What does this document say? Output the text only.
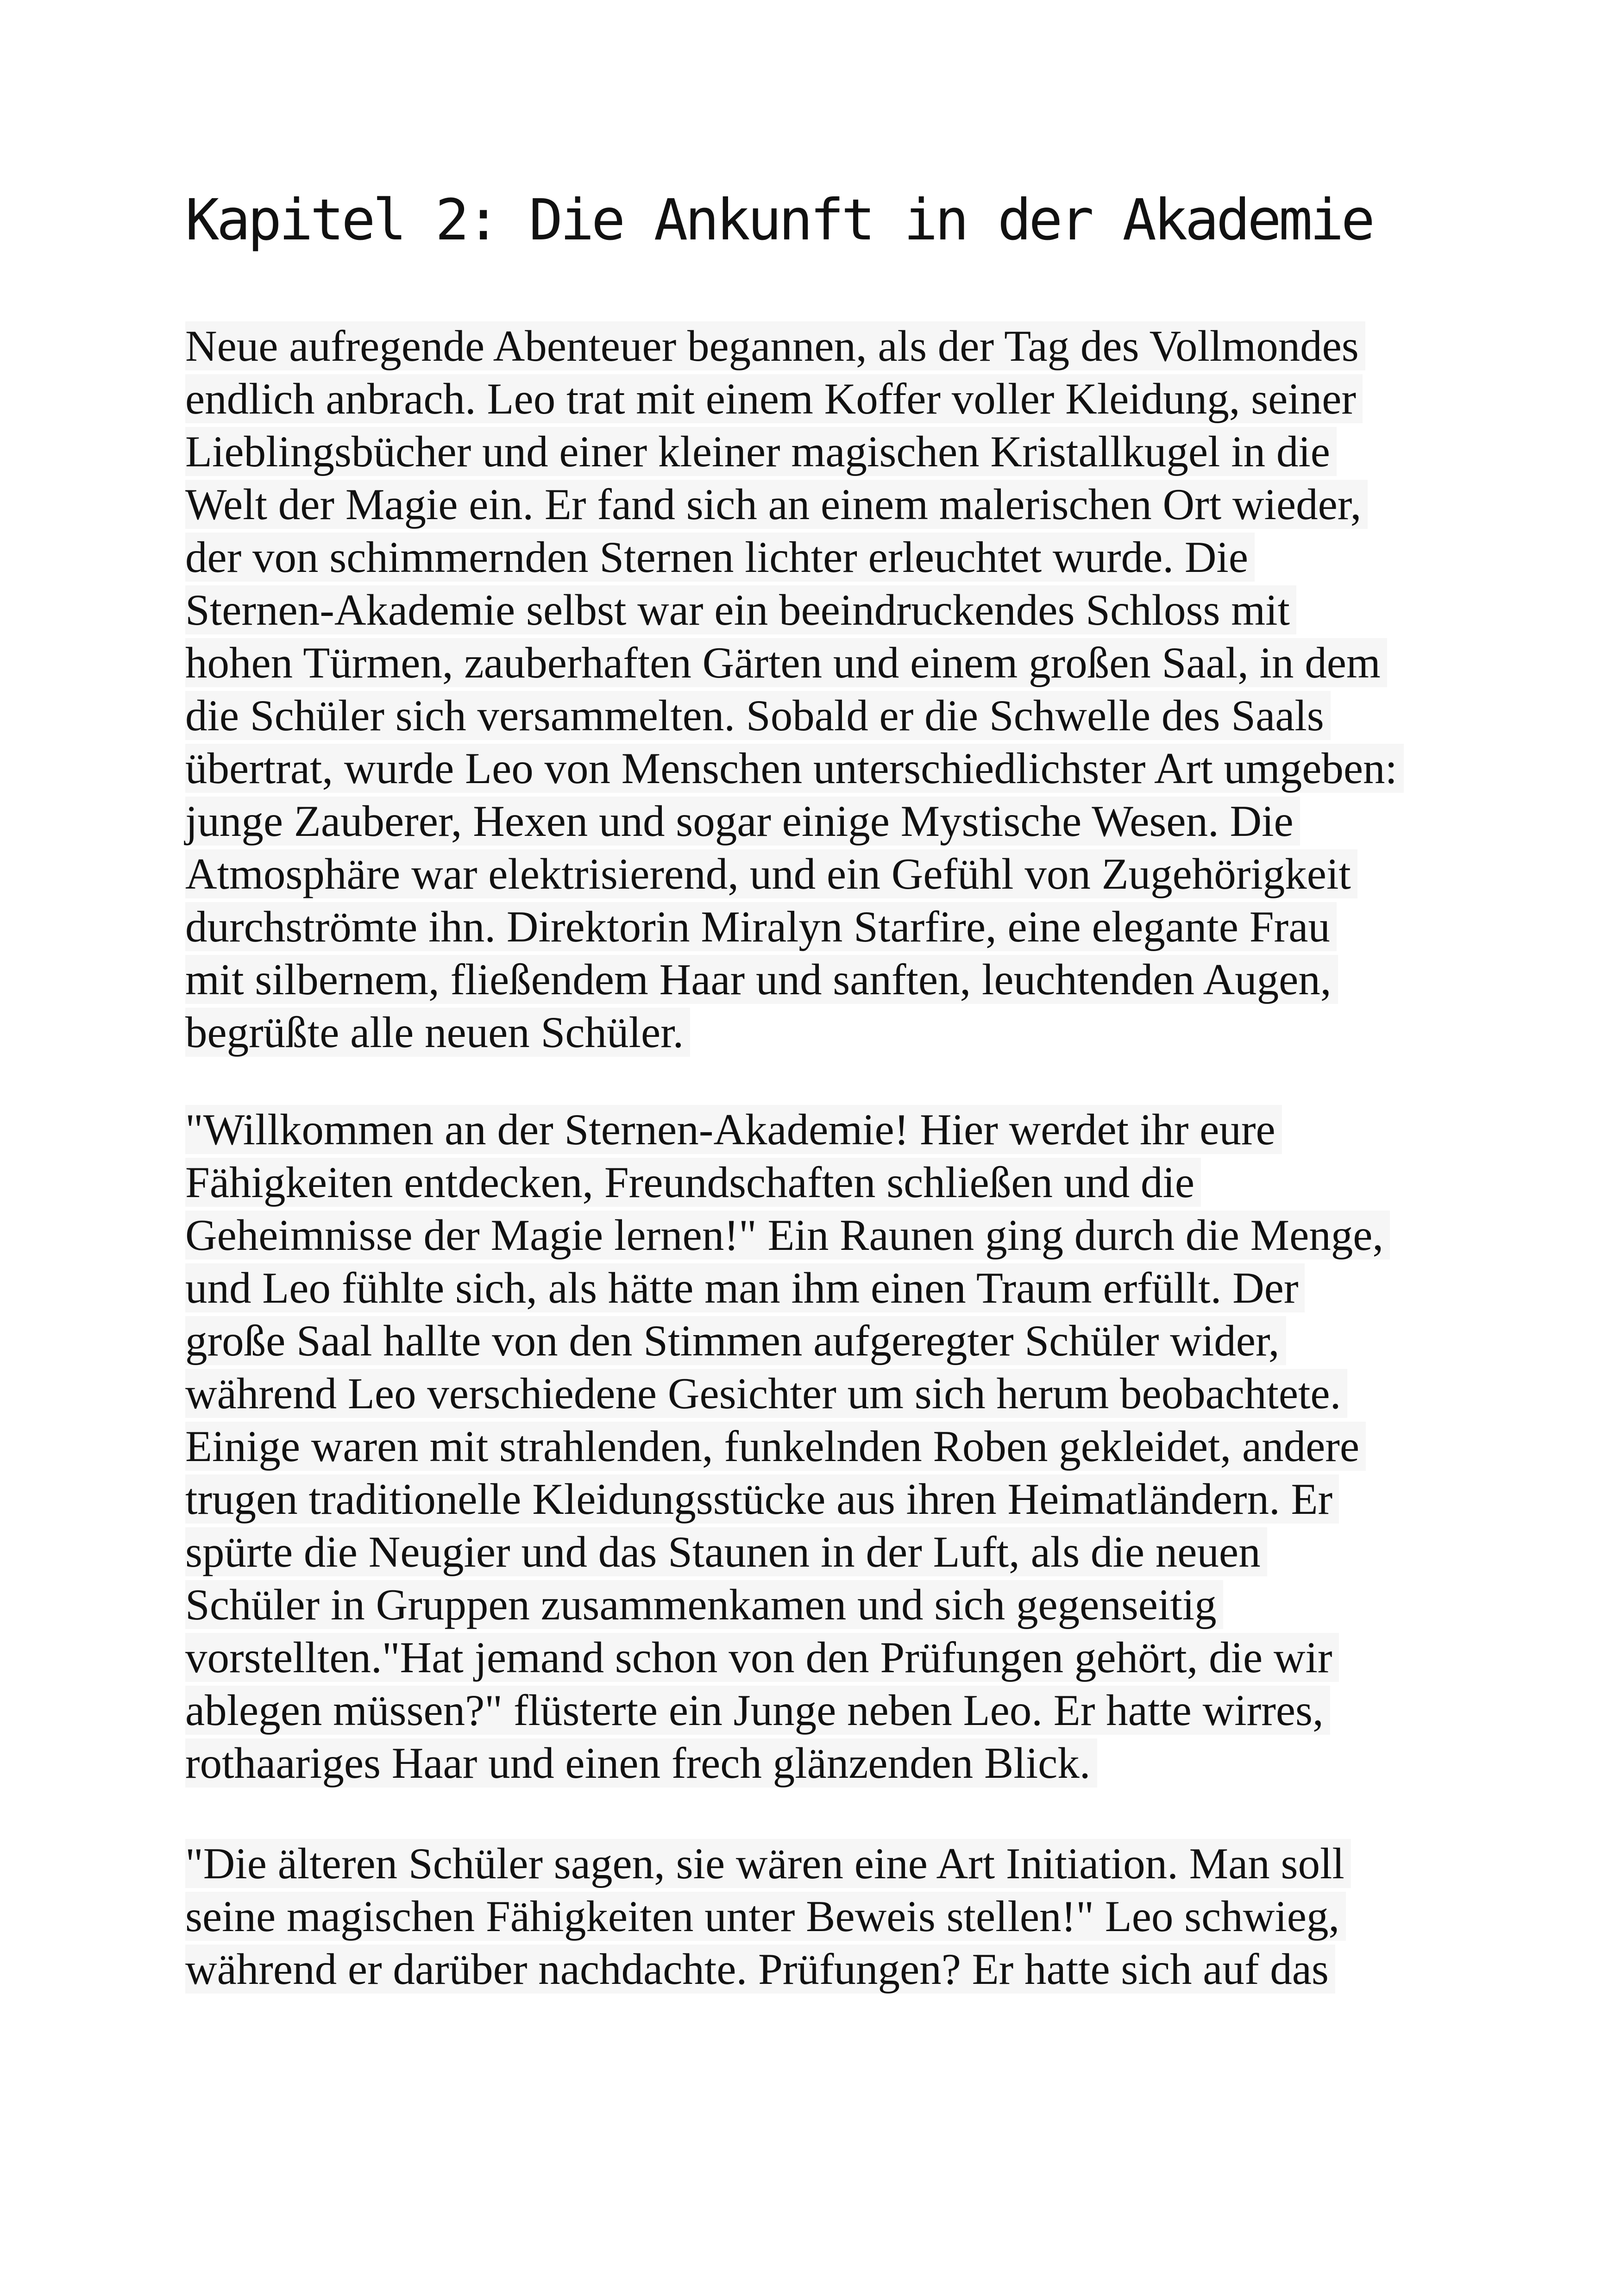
Kapitel 2: Die Ankunft in der Akademie

Neue aufregende Abenteuer begannen, als der Tag des Vollmondes
endlich anbrach. Leo trat mit einem Koffer voller Kleidung, seiner
Lieblingsbücher und einer kleiner magischen Kristallkugel in die
Welt der Magie ein. Er fand sich an einem malerischen Ort wieder,
der von schimmernden Sternen lichter erleuchtet wurde. Die
Sternen-Akademie selbst war ein beeindruckendes Schloss mit
hohen Türmen, zauberhaften Gärten und einem großen Saal, in dem
die Schüler sich versammelten. Sobald er die Schwelle des Saals
übertrat, wurde Leo von Menschen unterschiedlichster Art umgeben:
junge Zauberer, Hexen und sogar einige Mystische Wesen. Die
Atmosphäre war elektrisierend, und ein Gefühl von Zugehörigkeit
durchströmte ihn. Direktorin Miralyn Starfire, eine elegante Frau
mit silbernem, fließendem Haar und sanften, leuchtenden Augen,
begrüßte alle neuen Schüler.

"Willkommen an der Sternen-Akademie! Hier werdet ihr eure
Fähigkeiten entdecken, Freundschaften schließen und die
Geheimnisse der Magie lernen!" Ein Raunen ging durch die Menge,
und Leo fühlte sich, als hätte man ihm einen Traum erfüllt. Der
große Saal hallte von den Stimmen aufgeregter Schüler wider,
während Leo verschiedene Gesichter um sich herum beobachtete.
Einige waren mit strahlenden, funkelnden Roben gekleidet, andere
trugen traditionelle Kleidungsstücke aus ihren Heimatländern. Er
spürte die Neugier und das Staunen in der Luft, als die neuen
Schüler in Gruppen zusammenkamen und sich gegenseitig
vorstellten."Hat jemand schon von den Prüfungen gehört, die wir
ablegen müssen?" flüsterte ein Junge neben Leo. Er hatte wirres,
rothaariges Haar und einen frech glänzenden Blick.

"Die älteren Schüler sagen, sie wären eine Art Initiation. Man soll
seine magischen Fähigkeiten unter Beweis stellen!" Leo schwieg,
während er darüber nachdachte. Prüfungen? Er hatte sich auf das
